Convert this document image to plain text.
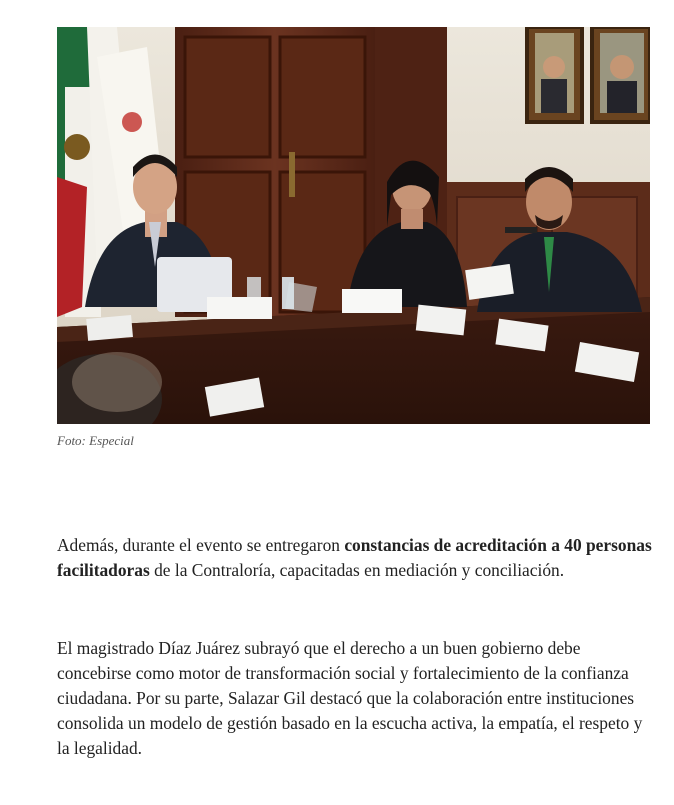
Foto: Especial

Además, durante el evento se entregaron constancias de acreditación a 40 personas facilitadoras de la Contraloría, capacitadas en mediación y conciliación.

El magistrado Díaz Juárez subrayó que el derecho a un buen gobierno debe concebirse como motor de transformación social y fortalecimiento de la confianza ciudadana. Por su parte, Salazar Gil destacó que la colaboración entre instituciones consolida un modelo de gestión basado en la escucha activa, la empatía, el respeto y la legalidad.
